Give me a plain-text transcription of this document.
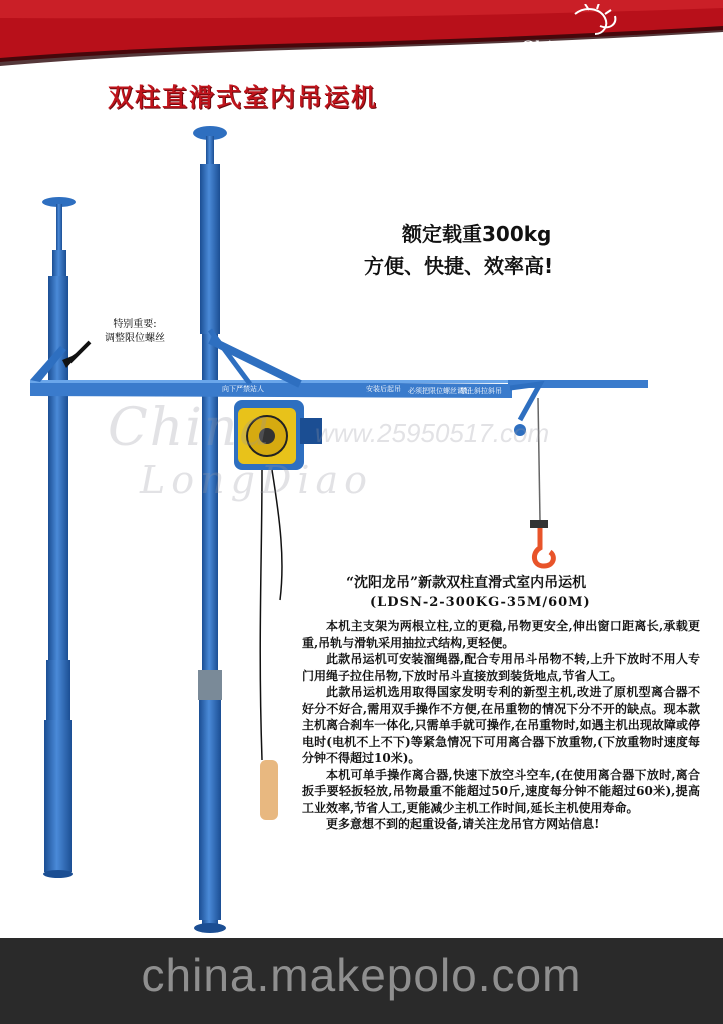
China
LongDiao
www.25950517.com
双柱直滑式室内吊运机
向下严禁站人	安装后起吊 必须把限位螺丝调好
禁止斜拉斜吊
China
LongDiao
www.25950517.com
额定载重300kg
方便、快捷、效率高!
特别重要:
调整限位螺丝
“沈阳龙吊”新款双柱直滑式室内吊运机
(LDSN-2-300KG-35M/60M)

本机主支架为两根立柱,立的更稳,吊物更安全,伸出窗口距离长,承载更重,吊轨与滑轨采用抽拉式结构,更轻便。

此款吊运机可安装溜绳器,配合专用吊斗吊物不转,上升下放时不用人专门用绳子拉住吊物,下放时吊斗直接放到装货地点,节省人工。

此款吊运机选用取得国家发明专利的新型主机,改进了原机型离合器不好分不好合,需用双手操作不方便,在吊重物的情况下分不开的缺点。现本款主机离合刹车一体化,只需单手就可操作,在吊重物时,如遇主机出现故障或停电时(电机不上不下)等紧急情况下可用离合器下放重物,(下放重物时速度每分钟不得超过10米)。

本机可单手操作离合器,快速下放空斗空车,(在使用离合器下放时,离合扳手要轻扳轻放,吊物最重不能超过50斤,速度每分钟不能超过60米),提高工业效率,节省人工,更能减少主机工作时间,延长主机使用寿命。

更多意想不到的起重设备,请关注龙吊官方网站信息!

china.makepolo.com
